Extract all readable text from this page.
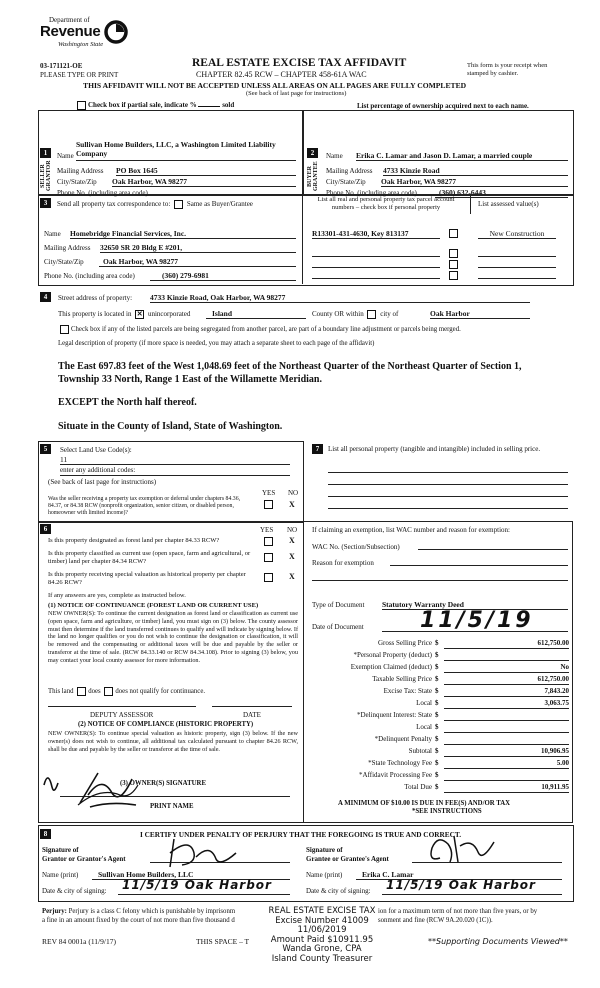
Department of
Revenue
Washington State
03-171121-OE
PLEASE TYPE OR PRINT
REAL ESTATE EXCISE TAX AFFIDAVIT
CHAPTER 82.45 RCW – CHAPTER 458-61A WAC
This form is your receipt when stamped by cashier.
THIS AFFIDAVIT WILL NOT BE ACCEPTED UNLESS ALL AREAS ON ALL PAGES ARE FULLY COMPLETED
(See back of last page for instructions)
Check box if partial sale, indicate %	sold	List percentage of ownership acquired next to each name.
1
SELLER GRANTOR
Name
Sullivan Home Builders, LLC, a Washington Limited Liability Company
Mailing Address PO Box 1645
City/State/Zip Oak Harbor, WA 98277
Phone No. (including area code)
2
BUYER GRANTEE
Name Erika C. Lamar and Jason D. Lamar, a married couple
Mailing Address 4733 Kinzie Road
City/State/Zip Oak Harbor, WA 98277
Phone No. (including area code)	(360) 632-6443
3	Send all property tax correspondence to: Same as Buyer/Grantee
List all real and personal property tax parcel account numbers – check box if personal property	List assessed value(s)
Name Homebridge Financial Services, Inc.
Mailing Address 32650 SR 20 Bldg E #201,
City/State/Zip	Oak Harbor, WA 98277
Phone No. (including area code)	(360) 279-6981
R13301-431-4630, Key 813137	New Construction
4	Street address of property: 4733 Kinzie Road, Oak Harbor, WA 98277
This property is located in ✕ unincorporated	Island	County OR within city of	Oak Harbor
Check box if any of the listed parcels are being segregated from another parcel, are part of a boundary line adjustment or parcels being merged.
Legal description of property (if more space is needed, you may attach a separate sheet to each page of the affidavit)
The East 697.83 feet of the West 1,048.69 feet of the Northeast Quarter of the Northeast Quarter of Section 1, Township 33 North, Range 1 East of the Willamette Meridian.
EXCEPT the North half thereof.
Situate in the County of Island, State of Washington.
5	Select Land Use Code(s):
11
enter any additional codes:
(See back of last page for instructions)
YES NO
Was the seller receiving a property tax exemption or deferral under chapters 84.36, 84.37, or 84.38 RCW (nonprofit organization, senior citizen, or disabled person, homeowner with limited income)?
X
7	List all personal property (tangible and intangible) included in selling price.
6	YES NO
Is this property designated as forest land per chapter 84.33 RCW?	X
Is this property classified as current use (open space, farm and agricultural, or timber) land per chapter 84.34 RCW?
X
Is this property receiving special valuation as historical property per chapter 84.26 RCW?
X
If any answers are yes, complete as instructed below.
(1) NOTICE OF CONTINUANCE (FOREST LAND OR CURRENT USE)
NEW OWNER(S): To continue the current designation as forest land or classification as current use (open space, farm and agriculture, or timber) land, you must sign on (3) below. The county assessor must then determine if the land transferred continues to qualify and will indicate by signing below. If the land no longer qualifies or you do not wish to continue the designation or classification, it will be removed and the compensating or additional taxes will be due and payable by the seller or transferor at the time of sale. (RCW 84.33.140 or RCW 84.34.108). Prior to signing (3) below, you may contact your local county assessor for more information.
This land does does not qualify for continuance.
DEPUTY ASSESSOR	DATE
(2) NOTICE OF COMPLIANCE (HISTORIC PROPERTY)
NEW OWNER(S): To continue special valuation as historic property, sign (3) below. If the new owner(s) does not wish to continue, all additional tax calculated pursuant to chapter 84.26 RCW, shall be due and payable by the seller or transferor at the time of sale.
(3) OWNER(S) SIGNATURE
PRINT NAME
If claiming an exemption, list WAC number and reason for exemption:
WAC No. (Section/Subsection)
Reason for exemption
Type of Document Statutory Warranty Deed
Date of Document	11/5/19
Gross Selling Price $	612,750.00
*Personal Property (deduct) $
Exemption Claimed (deduct) $	No
Taxable Selling Price $	612,750.00
Excise Tax: State $	7,843.20
Local $	3,063.75
*Delinquent Interest: State $
Local $
*Delinquent Penalty $
Subtotal $	10,906.95
*State Technology Fee $	5.00
*Affidavit Processing Fee $
Total Due $	10,911.95
A MINIMUM OF $10.00 IS DUE IN FEE(S) AND/OR TAX
*SEE INSTRUCTIONS
8	I CERTIFY UNDER PENALTY OF PERJURY THAT THE FOREGOING IS TRUE AND CORRECT.
Signature of
Grantor or Grantor's Agent
Signature of
Grantee or Grantee's Agent
Name (print)	Sullivan Home Builders, LLC
Date & city of signing: 11/5/19 Oak Harbor
Name (print)	Erika C. Lamar
Date & city of signing: 11/5/19 Oak Harbor
Perjury: Perjury is a class C felony which is punishable by imprisonm
a fine in an amount fixed by the court of not more than five thousand d
ion for a maximum term of not more than five years, or by
sonment and fine (RCW 9A.20.020 (1C)).
REAL ESTATE EXCISE TAX
Excise Number 41009
11/06/2019
Amount Paid $10911.95
Wanda Grone, CPA
Island County Treasurer
REV 84 0001a (11/9/17)	THIS SPACE – T	**Supporting Documents Viewed**
